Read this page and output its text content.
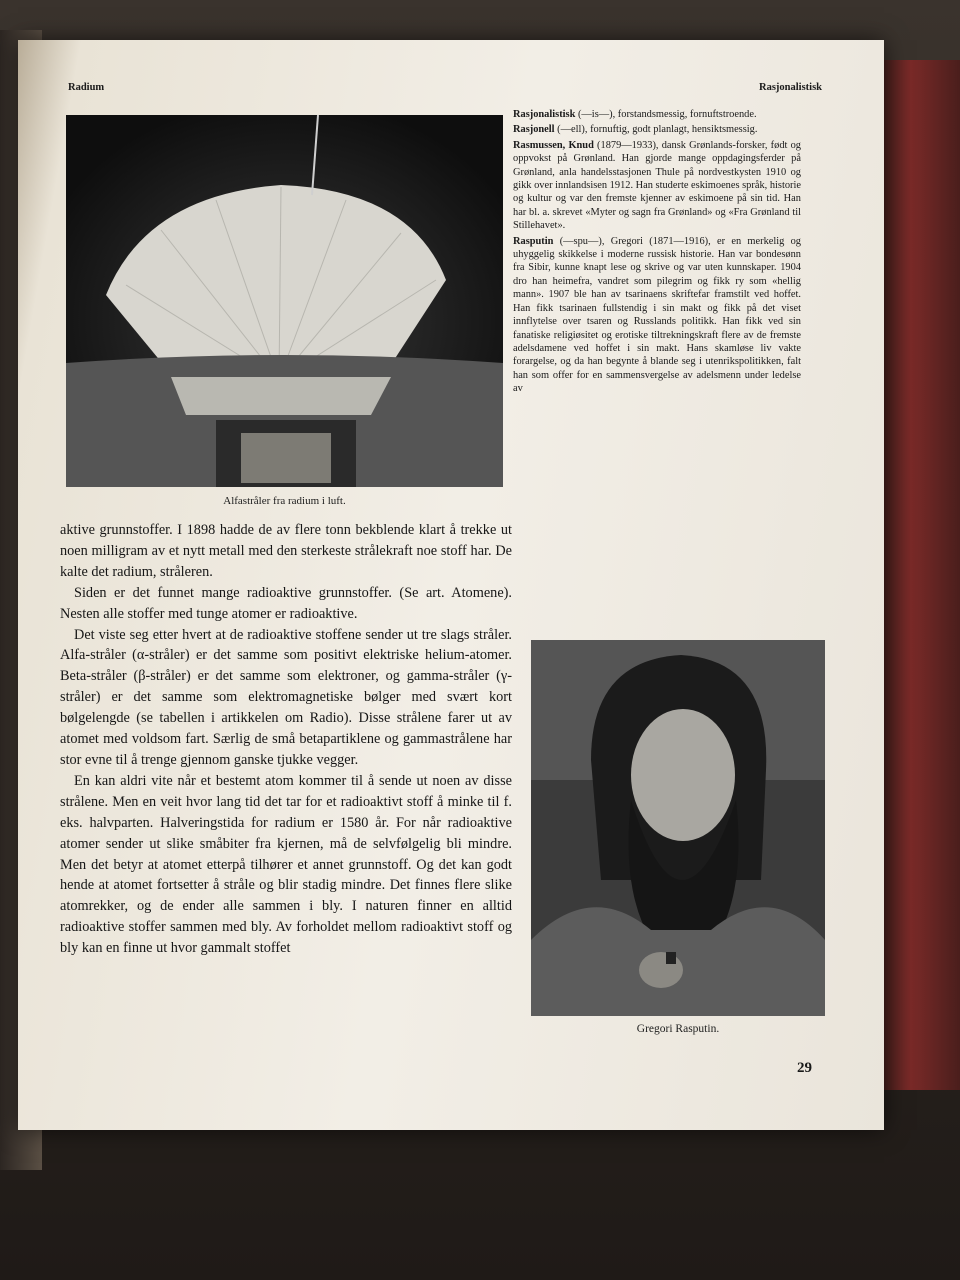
Radium	Rasjonalistisk
Alfastråler fra radium i luft.

aktive grunnstoffer. I 1898 hadde de av flere tonn bekblende klart å trekke ut noen milligram av et nytt metall med den sterkeste strålekraft noe stoff har. De kalte det radium, stråleren.

Siden er det funnet mange radioaktive grunnstoffer. (Se art. Atomene). Nesten alle stoffer med tunge atomer er radioaktive.

Det viste seg etter hvert at de radioaktive stoffene sender ut tre slags stråler. Alfa-stråler (α-stråler) er det samme som positivt elektriske helium-atomer. Beta-stråler (β-stråler) er det samme som elektroner, og gamma-stråler (γ-stråler) er det samme som elektromagnetiske bølger med svært kort bølgelengde (se tabellen i artikkelen om Radio). Disse strålene farer ut av atomet med voldsom fart. Særlig de små betapartiklene og gammastrålene har stor evne til å trenge gjennom ganske tjukke vegger.

En kan aldri vite når et bestemt atom kommer til å sende ut noen av disse strålene. Men en veit hvor lang tid det tar for et radioaktivt stoff å minke til f. eks. halvparten. Halveringstida for radium er 1580 år. For når radioaktive atomer sender ut slike småbiter fra kjernen, må de selvfølgelig bli mindre. Men det betyr at atomet etterpå tilhører et annet grunnstoff. Og det kan godt hende at atomet fortsetter å stråle og blir stadig mindre. Det finnes flere slike atomrekker, og de ender alle sammen i bly. I naturen finner en alltid radioaktive stoffer sammen med bly. Av forholdet mellom radioaktivt stoff og bly kan en finne ut hvor gammalt stoffet

Rasjonalistisk (—is—), forstandsmessig, fornuftstroende.

Rasjonell (—ell), fornuftig, godt planlagt, hensiktsmessig.

Rasmussen, Knud (1879—1933), dansk Grønlands-forsker, født og oppvokst på Grønland. Han gjorde mange oppdagingsferder på Grønland, anla handelsstasjonen Thule på nordvestkysten 1910 og gikk over innlandsisen 1912. Han studerte eskimoenes språk, historie og kultur og var den fremste kjenner av eskimoene på sin tid. Han har bl. a. skrevet «Myter og sagn fra Grønland» og «Fra Grønland til Stillehavet».

Rasputin (—spu—), Gregori (1871—1916), er en merkelig og uhyggelig skikkelse i moderne russisk historie. Han var bondesønn fra Sibir, kunne knapt lese og skrive og var uten kunnskaper. 1904 dro han heimefra, vandret som pilegrim og fikk ry som «hellig mann». 1907 ble han av tsarinaens skriftefar framstilt ved hoffet. Han fikk tsarinaen fullstendig i sin makt og fikk på det viset innflytelse over tsaren og Russlands politikk. Han fikk ved sin fanatiske religiøsitet og erotiske tiltrekningskraft flere av de fremste adelsdamene ved hoffet i sin makt. Hans skamløse liv vakte forargelse, og da han begynte å blande seg i utenrikspolitikken, falt han som offer for en sammensvergelse av adelsmenn under ledelse av

Gregori Rasputin.
29
